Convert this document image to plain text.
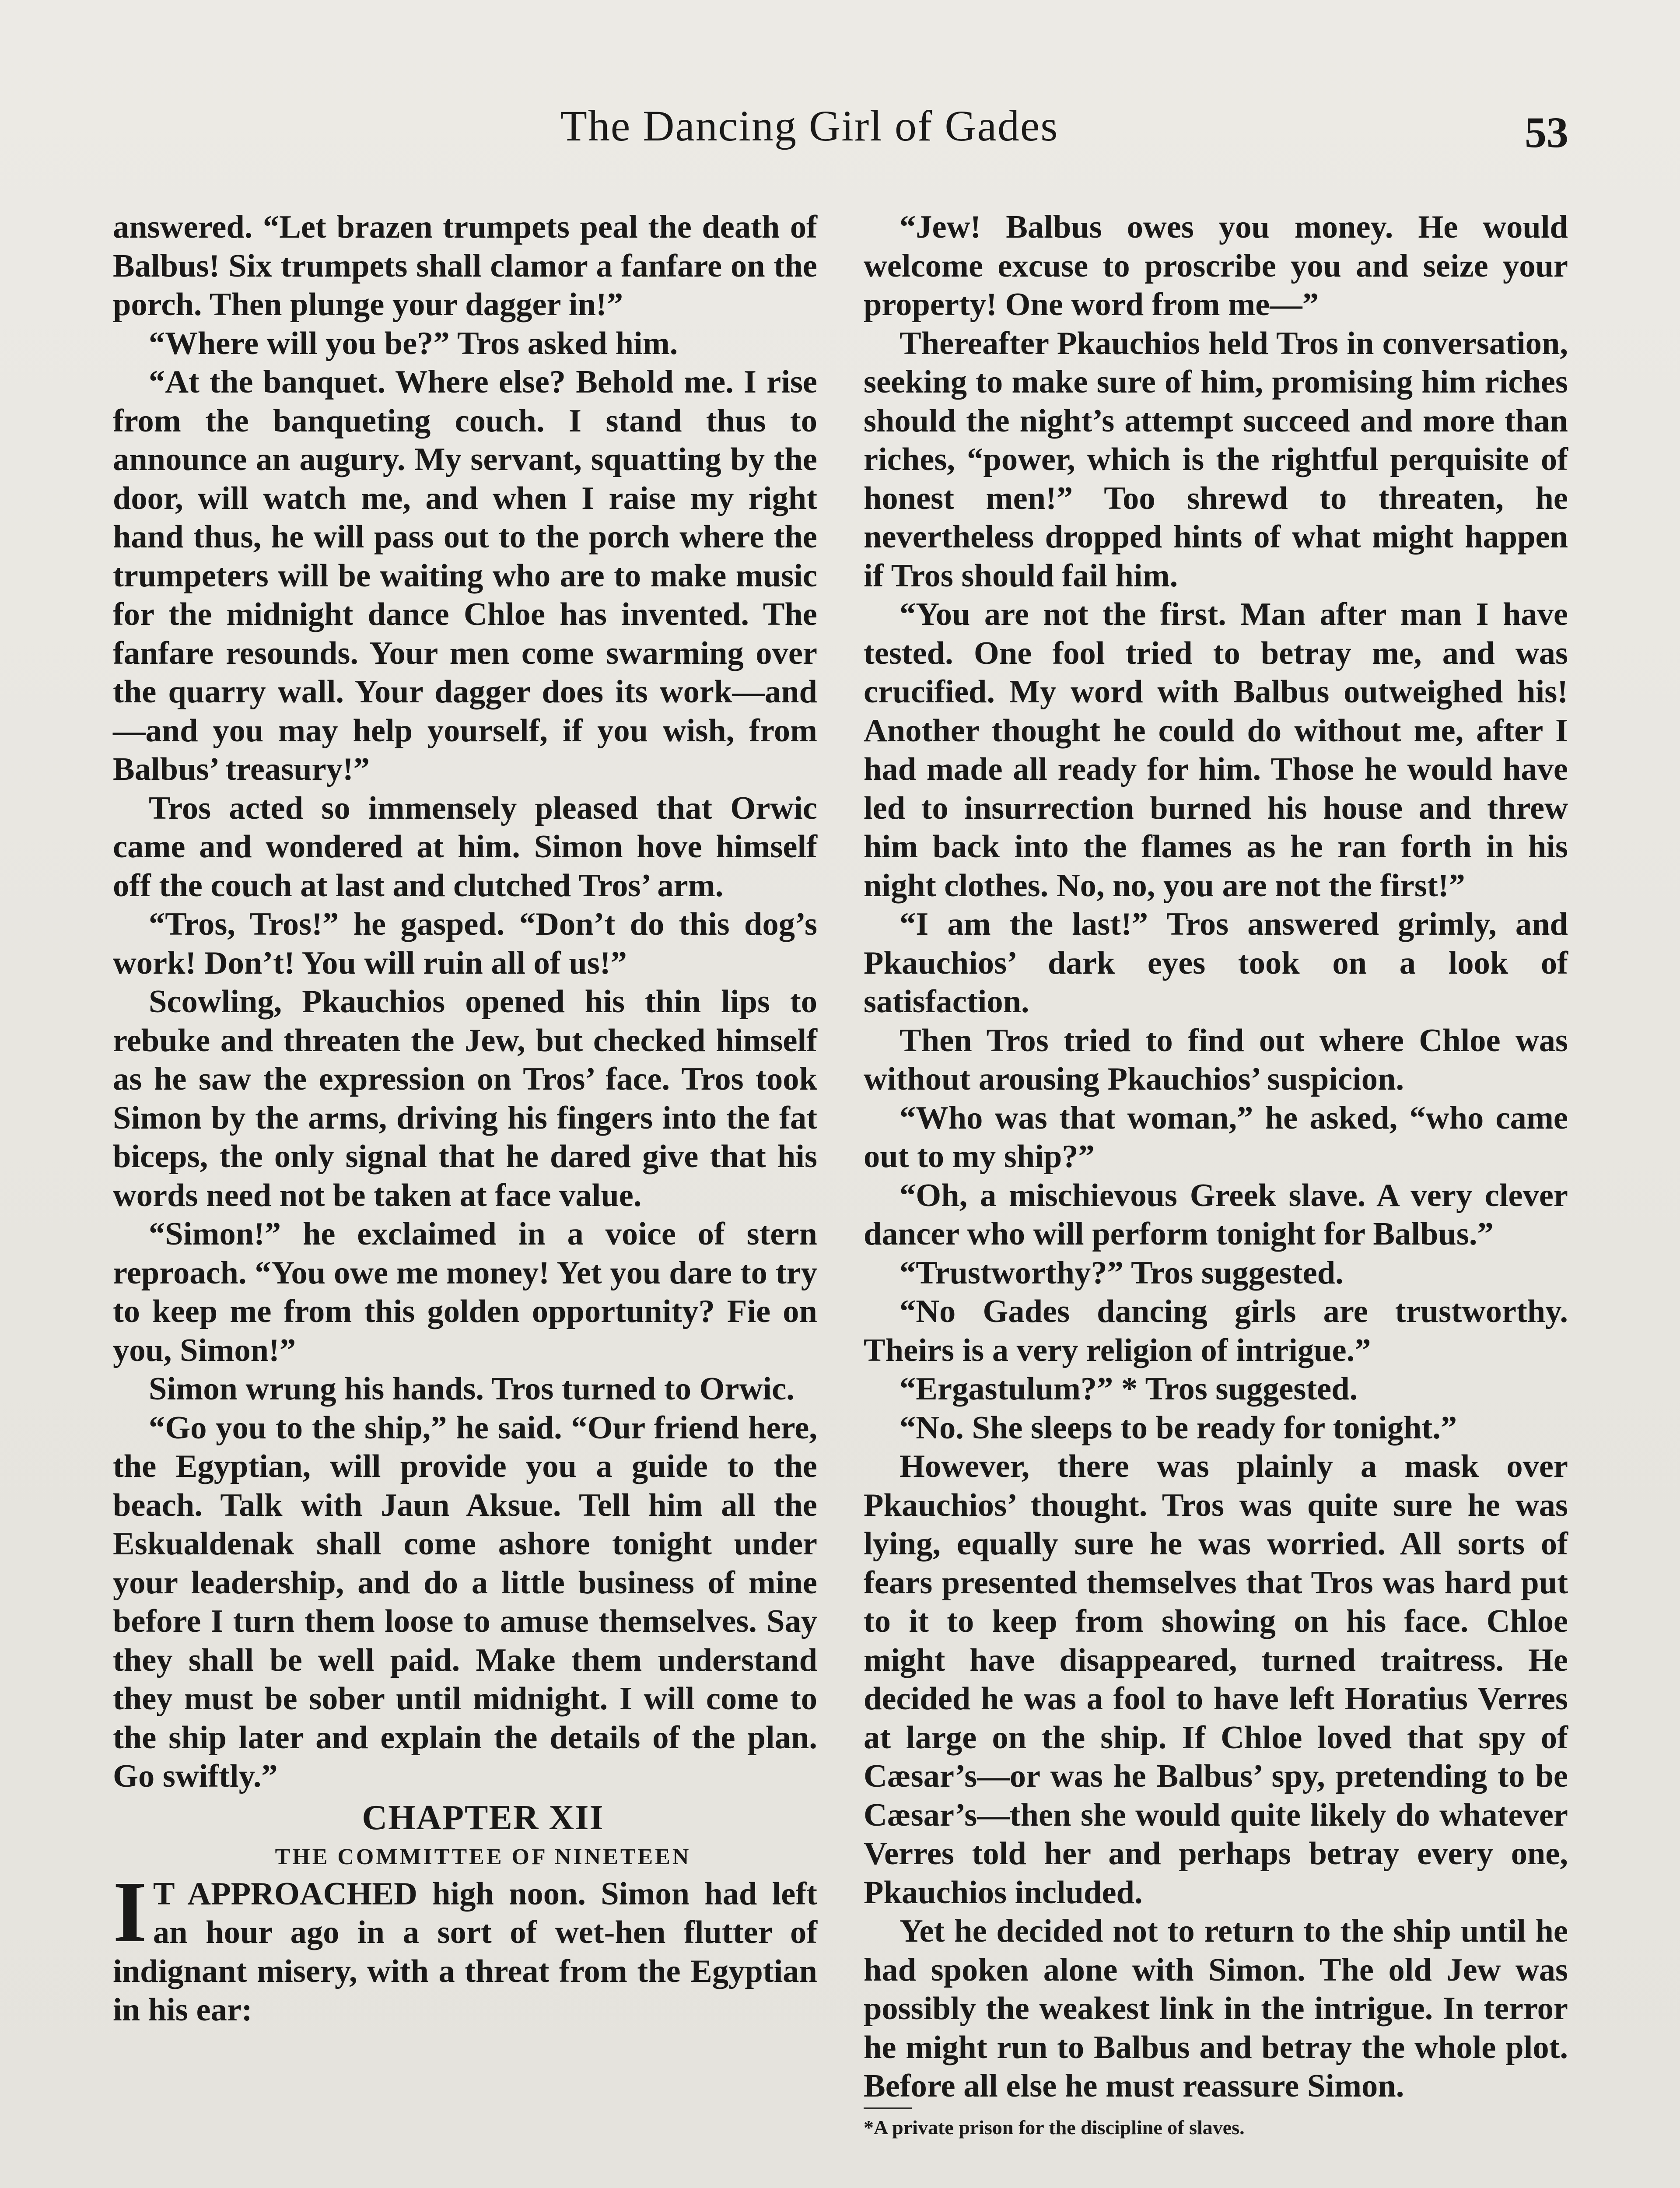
The Dancing Girl of Gades	53

answered. “Let brazen trumpets peal the death of Balbus! Six trumpets shall clamor a fanfare on the porch. Then plunge your dagger in!”

“Where will you be?” Tros asked him.

“At the banquet. Where else? Behold me. I rise from the banqueting couch. I stand thus to announce an augury. My servant, squatting by the door, will watch me, and when I raise my right hand thus, he will pass out to the porch where the trumpeters will be waiting who are to make music for the midnight dance Chloe has invented. The fanfare resounds. Your men come swarming over the quarry wall. Your dagger does its work—and—and you may help yourself, if you wish, from Balbus’ treasury!”

Tros acted so immensely pleased that Orwic came and wondered at him. Simon hove himself off the couch at last and clutched Tros’ arm.

“Tros, Tros!” he gasped. “Don’t do this dog’s work! Don’t! You will ruin all of us!”

Scowling, Pkauchios opened his thin lips to rebuke and threaten the Jew, but checked himself as he saw the expression on Tros’ face. Tros took Simon by the arms, driving his fingers into the fat biceps, the only signal that he dared give that his words need not be taken at face value.

“Simon!” he exclaimed in a voice of stern reproach. “You owe me money! Yet you dare to try to keep me from this golden opportunity? Fie on you, Simon!”

Simon wrung his hands. Tros turned to Orwic.

“Go you to the ship,” he said. “Our friend here, the Egyptian, will provide you a guide to the beach. Talk with Jaun Aksue. Tell him all the Eskualdenak shall come ashore tonight under your leadership, and do a little business of mine before I turn them loose to amuse themselves. Say they shall be well paid. Make them understand they must be sober until midnight. I will come to the ship later and explain the details of the plan. Go swiftly.”

CHAPTER XII

THE COMMITTEE OF NINETEEN

I T APPROACHED high noon. Simon had left an hour ago in a sort of wet-hen flutter of indignant misery, with a threat from the Egyptian in his ear:

“Jew! Balbus owes you money. He would welcome excuse to proscribe you and seize your property! One word from me—”

Thereafter Pkauchios held Tros in conversation, seeking to make sure of him, promising him riches should the night’s attempt succeed and more than riches, “power, which is the rightful perquisite of honest men!” Too shrewd to threaten, he nevertheless dropped hints of what might happen if Tros should fail him.

“You are not the first. Man after man I have tested. One fool tried to betray me, and was crucified. My word with Balbus outweighed his! Another thought he could do without me, after I had made all ready for him. Those he would have led to insurrection burned his house and threw him back into the flames as he ran forth in his night clothes. No, no, you are not the first!”

“I am the last!” Tros answered grimly, and Pkauchios’ dark eyes took on a look of satisfaction.

Then Tros tried to find out where Chloe was without arousing Pkauchios’ suspicion.

“Who was that woman,” he asked, “who came out to my ship?”

“Oh, a mischievous Greek slave. A very clever dancer who will perform tonight for Balbus.”

“Trustworthy?” Tros suggested.

“No Gades dancing girls are trustworthy. Theirs is a very religion of intrigue.”

“Ergastulum?” * Tros suggested.

“No. She sleeps to be ready for tonight.”

However, there was plainly a mask over Pkauchios’ thought. Tros was quite sure he was lying, equally sure he was worried. All sorts of fears presented themselves that Tros was hard put to it to keep from showing on his face. Chloe might have disappeared, turned traitress. He decided he was a fool to have left Horatius Verres at large on the ship. If Chloe loved that spy of Cæsar’s—or was he Balbus’ spy, pretending to be Cæsar’s—then she would quite likely do whatever Verres told her and perhaps betray every one, Pkauchios included.

Yet he decided not to return to the ship until he had spoken alone with Simon. The old Jew was possibly the weakest link in the intrigue. In terror he might run to Balbus and betray the whole plot. Before all else he must reassure Simon.

*A private prison for the discipline of slaves.
